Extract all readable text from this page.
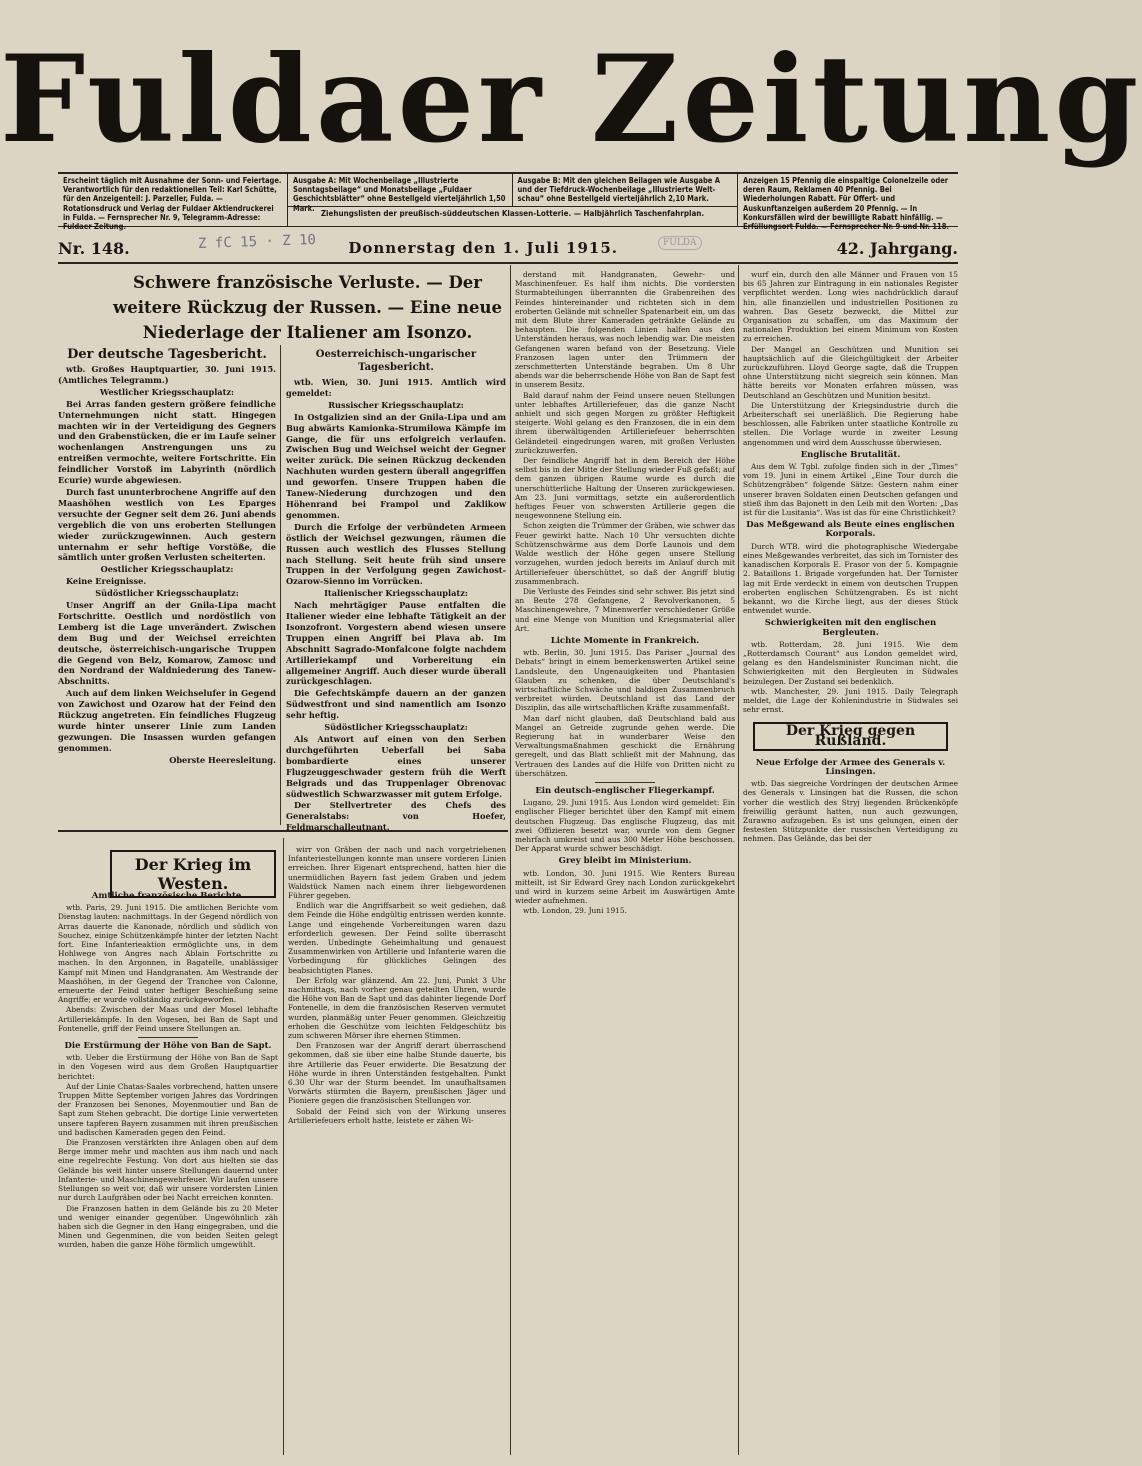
Fuldaer Zeitung
Erscheint täglich mit Ausnahme der Sonn- und Feiertage. Verantwortlich für den redaktionellen Teil: Karl Schütte, für den Anzeigenteil: J. Parzeller, Fulda. — Rotationsdruck und Verlag der Fuldaer Aktiendruckerei in Fulda. — Fernsprecher Nr. 9, Telegramm-Adresse: Fuldaer Zeitung.
Ausgabe A: Mit Wochenbeilage „Illustrierte Sonntagsbeilage“ und Monatsbeilage „Fuldaer Geschichtsblätter“ ohne Bestellgeld vierteljährlich 1,50 Mark.
Ausgabe B: Mit den gleichen Beilagen wie Ausgabe A und der Tiefdruck-Wochenbeilage „Illustrierte Welt-schau“ ohne Bestellgeld vierteljährlich 2,10 Mark.
Ziehungslisten der preußisch-süddeutschen Klassen-Lotterie. — Halbjährlich Taschenfahrplan.
Anzeigen 15 Pfennig die einspaltige Colonelzeile oder deren Raum, Reklamen 40 Pfennig. Bei Wiederholungen Rabatt. Für Offert- und Auskunftanzeigen außerdem 20 Pfennig. — In Konkursfällen wird der bewilligte Rabatt hinfällig. — Erfüllungsort Fulda. — Fernsprecher Nr. 9 und Nr. 118.
Nr. 148.	Donnerstag den 1. Juli 1915.	42. Jahrgang.
Z fC 15 · Z 10	FULDA
Schwere französische Verluste. — Der weitere Rückzug der Russen. — Eine neue Niederlage der Italiener am Isonzo.
Der deutsche Tagesbericht.

wtb. Großes Hauptquartier, 30. Juni 1915. (Amtliches Telegramm.)

Westlicher Kriegsschauplatz:

Bei Arras fanden gestern größere feindliche Unternehmungen nicht statt. Hingegen machten wir in der Verteidigung des Gegners und den Grabenstücken, die er im Laufe seiner wochenlangen Anstrengungen uns zu entreißen vermochte, weitere Fortschritte. Ein feindlicher Vorstoß im Labyrinth (nördlich Ecurie) wurde abgewiesen.

Durch fast ununterbrochene Angriffe auf den Maashöhen westlich von Les Eparges versuchte der Gegner seit dem 26. Juni abends vergeblich die von uns eroberten Stellungen wieder zurückzugewinnen. Auch gestern unternahm er sehr heftige Vorstöße, die sämtlich unter großen Verlusten scheiterten.

Oestlicher Kriegsschauplatz:

Keine Ereignisse.

Südöstlicher Kriegsschauplatz:

Unser Angriff an der Gnila-Lipa macht Fortschritte. Oestlich und nordöstlich von Lemberg ist die Lage unverändert. Zwischen dem Bug und der Weichsel erreichten deutsche, österreichisch-ungarische Truppen die Gegend von Belz, Komarow, Zamosc und den Nordrand der Waldniederung des Tanew-Abschnitts.

Auch auf dem linken Weichselufer in Gegend von Zawichost und Ozarow hat der Feind den Rückzug angetreten. Ein feindliches Flugzeug wurde hinter unserer Linie zum Landen gezwungen. Die Insassen wurden gefangen genommen.

Oberste Heeresleitung.

Oesterreichisch-ungarischer Tagesbericht.

wtb. Wien, 30. Juni 1915. Amtlich wird gemeldet:

Russischer Kriegsschauplatz:

In Ostgalizien sind an der Gnila-Lipa und am Bug abwärts Kamionka-Strumilowa Kämpfe im Gange, die für uns erfolgreich verlaufen. Zwischen Bug und Weichsel weicht der Gegner weiter zurück. Die seinen Rückzug deckenden Nachhuten wurden gestern überall angegriffen und geworfen. Unsere Truppen haben die Tanew-Niederung durchzogen und den Höhenrand bei Frampol und Zaklikow genommen.

Durch die Erfolge der verbündeten Armeen östlich der Weichsel gezwungen, räumen die Russen auch westlich des Flusses Stellung nach Stellung. Seit heute früh sind unsere Truppen in der Verfolgung gegen Zawichost-Ozarow-Sienno im Vorrücken.

Italienischer Kriegsschauplatz:

Nach mehrtägiger Pause entfalten die Italiener wieder eine lebhafte Tätigkeit an der Isonzofront. Vorgestern abend wiesen unsere Truppen einen Angriff bei Plava ab. Im Abschnitt Sagrado-Monfalcone folgte nachdem Artilleriekampf und Vorbereitung ein allgemeiner Angriff. Auch dieser wurde überall zurückgeschlagen.

Die Gefechtskämpfe dauern an der ganzen Südwestfront und sind namentlich am Isonzo sehr heftig.

Südöstlicher Kriegsschauplatz:

Als Antwort auf einen von den Serben durchgeführten Ueberfall bei Saba bombardierte eines unserer Flugzeuggeschwader gestern früh die Werft Belgrads und das Truppenlager Obrenovac südwestlich Schwarzwasser mit gutem Erfolge.

Der Stellvertreter des Chefs des Generalstabs: von Hoefer, Feldmarschalleutnant.

Der Krieg im Westen.
Amtliche französische Berichte.

wtb. Paris, 29. Juni 1915. Die amtlichen Berichte vom Dienstag lauten: nachmittags. In der Gegend nördlich von Arras dauerte die Kanonade, nördlich und südlich von Souchez, einige Schützenkämpfe hinter der letzten Nacht fort. Eine Infanterieaktion ermöglichte uns, in dem Hohlwege von Angres nach Ablain Fortschritte zu machen. In den Argonnen, in Bagatelle, unablässiger Kampf mit Minen und Handgranaten. Am Westrande der Maashöhen, in der Gegend der Tranchee von Calonne, erneuerte der Feind unter heftiger Beschießung seine Angriffe; er wurde vollständig zurückgeworfen.

Abends: Zwischen der Maas und der Mosel lebhafte Artilleriekämpfe. In den Vogesen, bei Ban de Sapt und Fontenelle, griff der Feind unsere Stellungen an.

Die Erstürmung der Höhe von Ban de Sapt.

wtb. Ueber die Erstürmung der Höhe von Ban de Sapt in den Vogesen wird aus dem Großen Hauptquartier berichtet:

Auf der Linie Chatas-Saales vorbrechend, hatten unsere Truppen Mitte September vorigen Jahres das Vordringen der Franzosen bei Senones, Moyenmoutier und Ban de Sapt zum Stehen gebracht. Die dortige Linie verwerteten unsere tapferen Bayern zusammen mit ihren preußischen und badischen Kameraden gegen den Feind.

Die Franzosen verstärkten ihre Anlagen oben auf dem Berge immer mehr und machten aus ihm nach und nach eine regelrechte Festung. Von dort aus hielten sie das Gelände bis weit hinter unsere Stellungen dauernd unter Infanterie- und Maschinengewehrfeuer. Wir laufen unsere Stellungen so weit vor, daß wir unsere vordersten Linien nur durch Laufgräben oder bei Nacht erreichen konnten.

Die Franzosen hatten in dem Gelände bis zu 20 Meter und weniger einander gegenüber. Ungewöhnlich zäh haben sich die Gegner in den Hang eingegraben, und die Minen und Gegenminen, die von beiden Seiten gelegt wurden, haben die ganze Höhe förmlich umgewühlt.

wirr von Gräben der nach und nach vorgetriebenen Infanteriestellungen konnte man unsere vorderen Linien erreichen. Ihrer Eigenart entsprechend, hatten hier die unermüdlichen Bayern fast jedem Graben und jedem Waldstück Namen nach einem ihrer liebgewordenen Führer gegeben.

Endlich war die Angriffsarbeit so weit gediehen, daß dem Feinde die Höhe endgültig entrissen werden konnte. Lange und eingehende Vorbereitungen waren dazu erforderlich gewesen. Der Feind sollte überrascht werden. Unbedingte Geheimhaltung und genauest Zusammenwirken von Artillerie und Infanterie waren die Vorbedingung für glückliches Gelingen des beabsichtigten Planes.

Der Erfolg war glänzend. Am 22. Juni, Punkt 3 Uhr nachmittags, nach vorher genau geteilten Uhren, wurde die Höhe von Ban de Sapt und das dahinter liegende Dorf Fontenelle, in dem die französischen Reserven vermutet wurden, planmäßig unter Feuer genommen. Gleichzeitig erhoben die Geschütze vom leichten Feldgeschütz bis zum schweren Mörser ihre ehernen Stimmen.

Den Franzosen war der Angriff derart überraschend gekommen, daß sie über eine halbe Stunde dauerte, bis ihre Artillerie das Feuer erwiderte. Die Besatzung der Höhe wurde in ihren Unterständen festgehalten. Punkt 6.30 Uhr war der Sturm beendet. Im unaufhaltsamen Vorwärts stürmten die Bayern, preußischen Jäger und Pioniere gegen die französischen Stellungen vor.

Sobald der Feind sich von der Wirkung unseres Artilleriefeuers erholt hatte, leistete er zähen Wi-

derstand mit Handgranaten, Gewehr- und Maschinenfeuer. Es half ihm nichts. Die vordersten Sturmabteilungen überrannten die Grabenreihen des Feindes hintereinander und richteten sich in dem eroberten Gelände mit schneller Spatenarbeit ein, um das mit dem Blute ihrer Kameraden getränkte Gelände zu behaupten. Die folgenden Linien halfen aus den Unterständen heraus, was noch lebendig war. Die meisten Gefangenen waren befand von der Besetzung. Viele Franzosen lagen unter den Trümmern der zerschmetterten Unterstände begraben. Um 8 Uhr abends war die beherrschende Höhe von Ban de Sapt fest in unserem Besitz.

Bald darauf nahm der Feind unsere neuen Stellungen unter lebhaftes Artilleriefeuer, das die ganze Nacht anhielt und sich gegen Morgen zu größter Heftigkeit steigerte. Wohl gelang es den Franzosen, die in ein dem ihrem überwältigenden Artilleriefeuer beherrschten Geländeteil eingedrungen waren, mit großen Verlusten zurückzuwerfen.

Der feindliche Angriff hat in dem Bereich der Höhe selbst bis in der Mitte der Stellung wieder Fuß gefaßt; auf dem ganzen übrigen Raume wurde es durch die unerschütterliche Haltung der Unseren zurückgewiesen. Am 23. Juni vormittags, setzte ein außerordentlich heftiges Feuer von schwersten Artillerie gegen die neugewonnene Stellung ein.

Schon zeigten die Trümmer der Gräben, wie schwer das Feuer gewirkt hatte. Nach 10 Uhr versuchten dichte Schützenschwärme aus dem Dorfe Launois und dem Walde westlich der Höhe gegen unsere Stellung vorzugehen, wurden jedoch bereits im Anlauf durch mit Artilleriefeuer überschüttet, so daß der Angriff blutig zusammenbrach.

Die Verluste des Feindes sind sehr schwer. Bis jetzt sind an Beute 278 Gefangene, 2 Revolverkanonen, 5 Maschinengewehre, 7 Minenwerfer verschiedener Größe und eine Menge von Munition und Kriegsmaterial aller Art.

Lichte Momente in Frankreich.

wtb. Berlin, 30. Juni 1915. Das Pariser „Journal des Debats“ bringt in einem bemerkenswerten Artikel seine Landsleute, den Ungenauigkeiten und Phantasien Glauben zu schenken, die über Deutschland's wirtschaftliche Schwäche und baldigen Zusammenbruch verbreitet würden. Deutschland ist das Land der Disziplin, das alle wirtschaftlichen Kräfte zusammenfaßt.

Man darf nicht glauben, daß Deutschland bald aus Mangel an Getreide zugrunde gehen werde. Die Regierung hat in wunderbarer Weise den Verwaltungsmaßnahmen geschickt die Ernährung geregelt, und das Blatt schließt mit der Mahnung, das Vertrauen des Landes auf die Hilfe von Dritten nicht zu überschätzen.

Ein deutsch-englischer Fliegerkampf.

Lugano, 29. Juni 1915. Aus London wird gemeldet: Ein englischer Flieger berichtet über den Kampf mit einem deutschen Flugzeug. Das englische Flugzeug, das mit zwei Offizieren besetzt war, wurde von dem Gegner mehrfach umkreist und aus 300 Meter Höhe beschossen. Der Apparat wurde schwer beschädigt.

Grey bleibt im Ministerium.

wtb. London, 30. Juni 1915. Wie Renters Bureau mitteilt, ist Sir Edward Grey nach London zurückgekehrt und wird in kurzem seine Arbeit im Auswärtigen Amte wieder aufnehmen.

wtb. London, 29. Juni 1915.

wurf ein, durch den alle Männer und Frauen von 15 bis 65 Jahren zur Eintragung in ein nationales Register verpflichtet werden. Long wies nachdrücklich darauf hin, alle finanziellen und industriellen Positionen zu wahren. Das Gesetz bezweckt, die Mittel zur Organisation zu schaffen, um das Maximum der nationalen Produktion bei einem Minimum von Kosten zu erreichen.

Der Mangel an Geschützen und Munition sei hauptsächlich auf die Gleichgültigkeit der Arbeiter zurückzuführen. Lloyd George sagte, daß die Truppen ohne Unterstützung nicht siegreich sein können. Man hätte bereits vor Monaten erfahren müssen, was Deutschland an Geschützen und Munition besitzt.

Die Unterstützung der Kriegsindustrie durch die Arbeiterschaft sei unerläßlich. Die Regierung habe beschlossen, alle Fabriken unter staatliche Kontrolle zu stellen. Die Vorlage wurde in zweiter Lesung angenommen und wird dem Ausschusse überwiesen.

Englische Brutalität.

Aus dem W. Tgbl. zufolge finden sich in der „Times“ vom 19. Juni in einem Artikel „Eine Tour durch die Schützengräben“ folgende Sätze: Gestern nahm einer unserer braven Soldaten einen Deutschen gefangen und stieß ihm das Bajonett in den Leib mit den Worten: „Das ist für die Lusitania“. Was ist das für eine Christlichkeit?

Das Meßgewand als Beute eines englischen Korporals.

Durch WTB. wird die photographische Wiedergabe eines Meßgewandes verbreitet, das sich im Tornister des kanadischen Korporals E. Frasor von der 5. Kompagnie 2. Bataillons 1. Brigade vorgefunden hat. Der Tornister lag mit Erde verdeckt in einem von deutschen Truppen eroberten englischen Schützengraben. Es ist nicht bekannt, wo die Kirche liegt, aus der dieses Stück entwendet wurde.

Schwierigkeiten mit den englischen Bergleuten.

wtb. Rotterdam, 28. Juni 1915. Wie dem „Rotterdamsch Courant“ aus London gemeldet wird, gelang es den Handelsminister Runciman nicht, die Schwierigkeiten mit den Bergleuten in Südwales beizulegen. Der Zustand sei bedenklich.

wtb. Manchester, 29. Juni 1915. Daily Telegraph meldet, die Lage der Kohlenindustrie in Südwales sei sehr ernst.

Der Krieg gegen Rußland.
Neue Erfolge der Armee des Generals v. Linsingen.

wtb. Das siegreiche Vordringen der deutschen Armee des Generals v. Linsingen hat die Russen, die schon vorher die westlich des Stryj liegenden Brückenköpfe freiwillig geräumt hatten, nun auch gezwungen, Zurawno aufzugeben. Es ist uns gelungen, einen der festesten Stützpunkte der russischen Verteidigung zu nehmen. Das Gelände, das bei der
